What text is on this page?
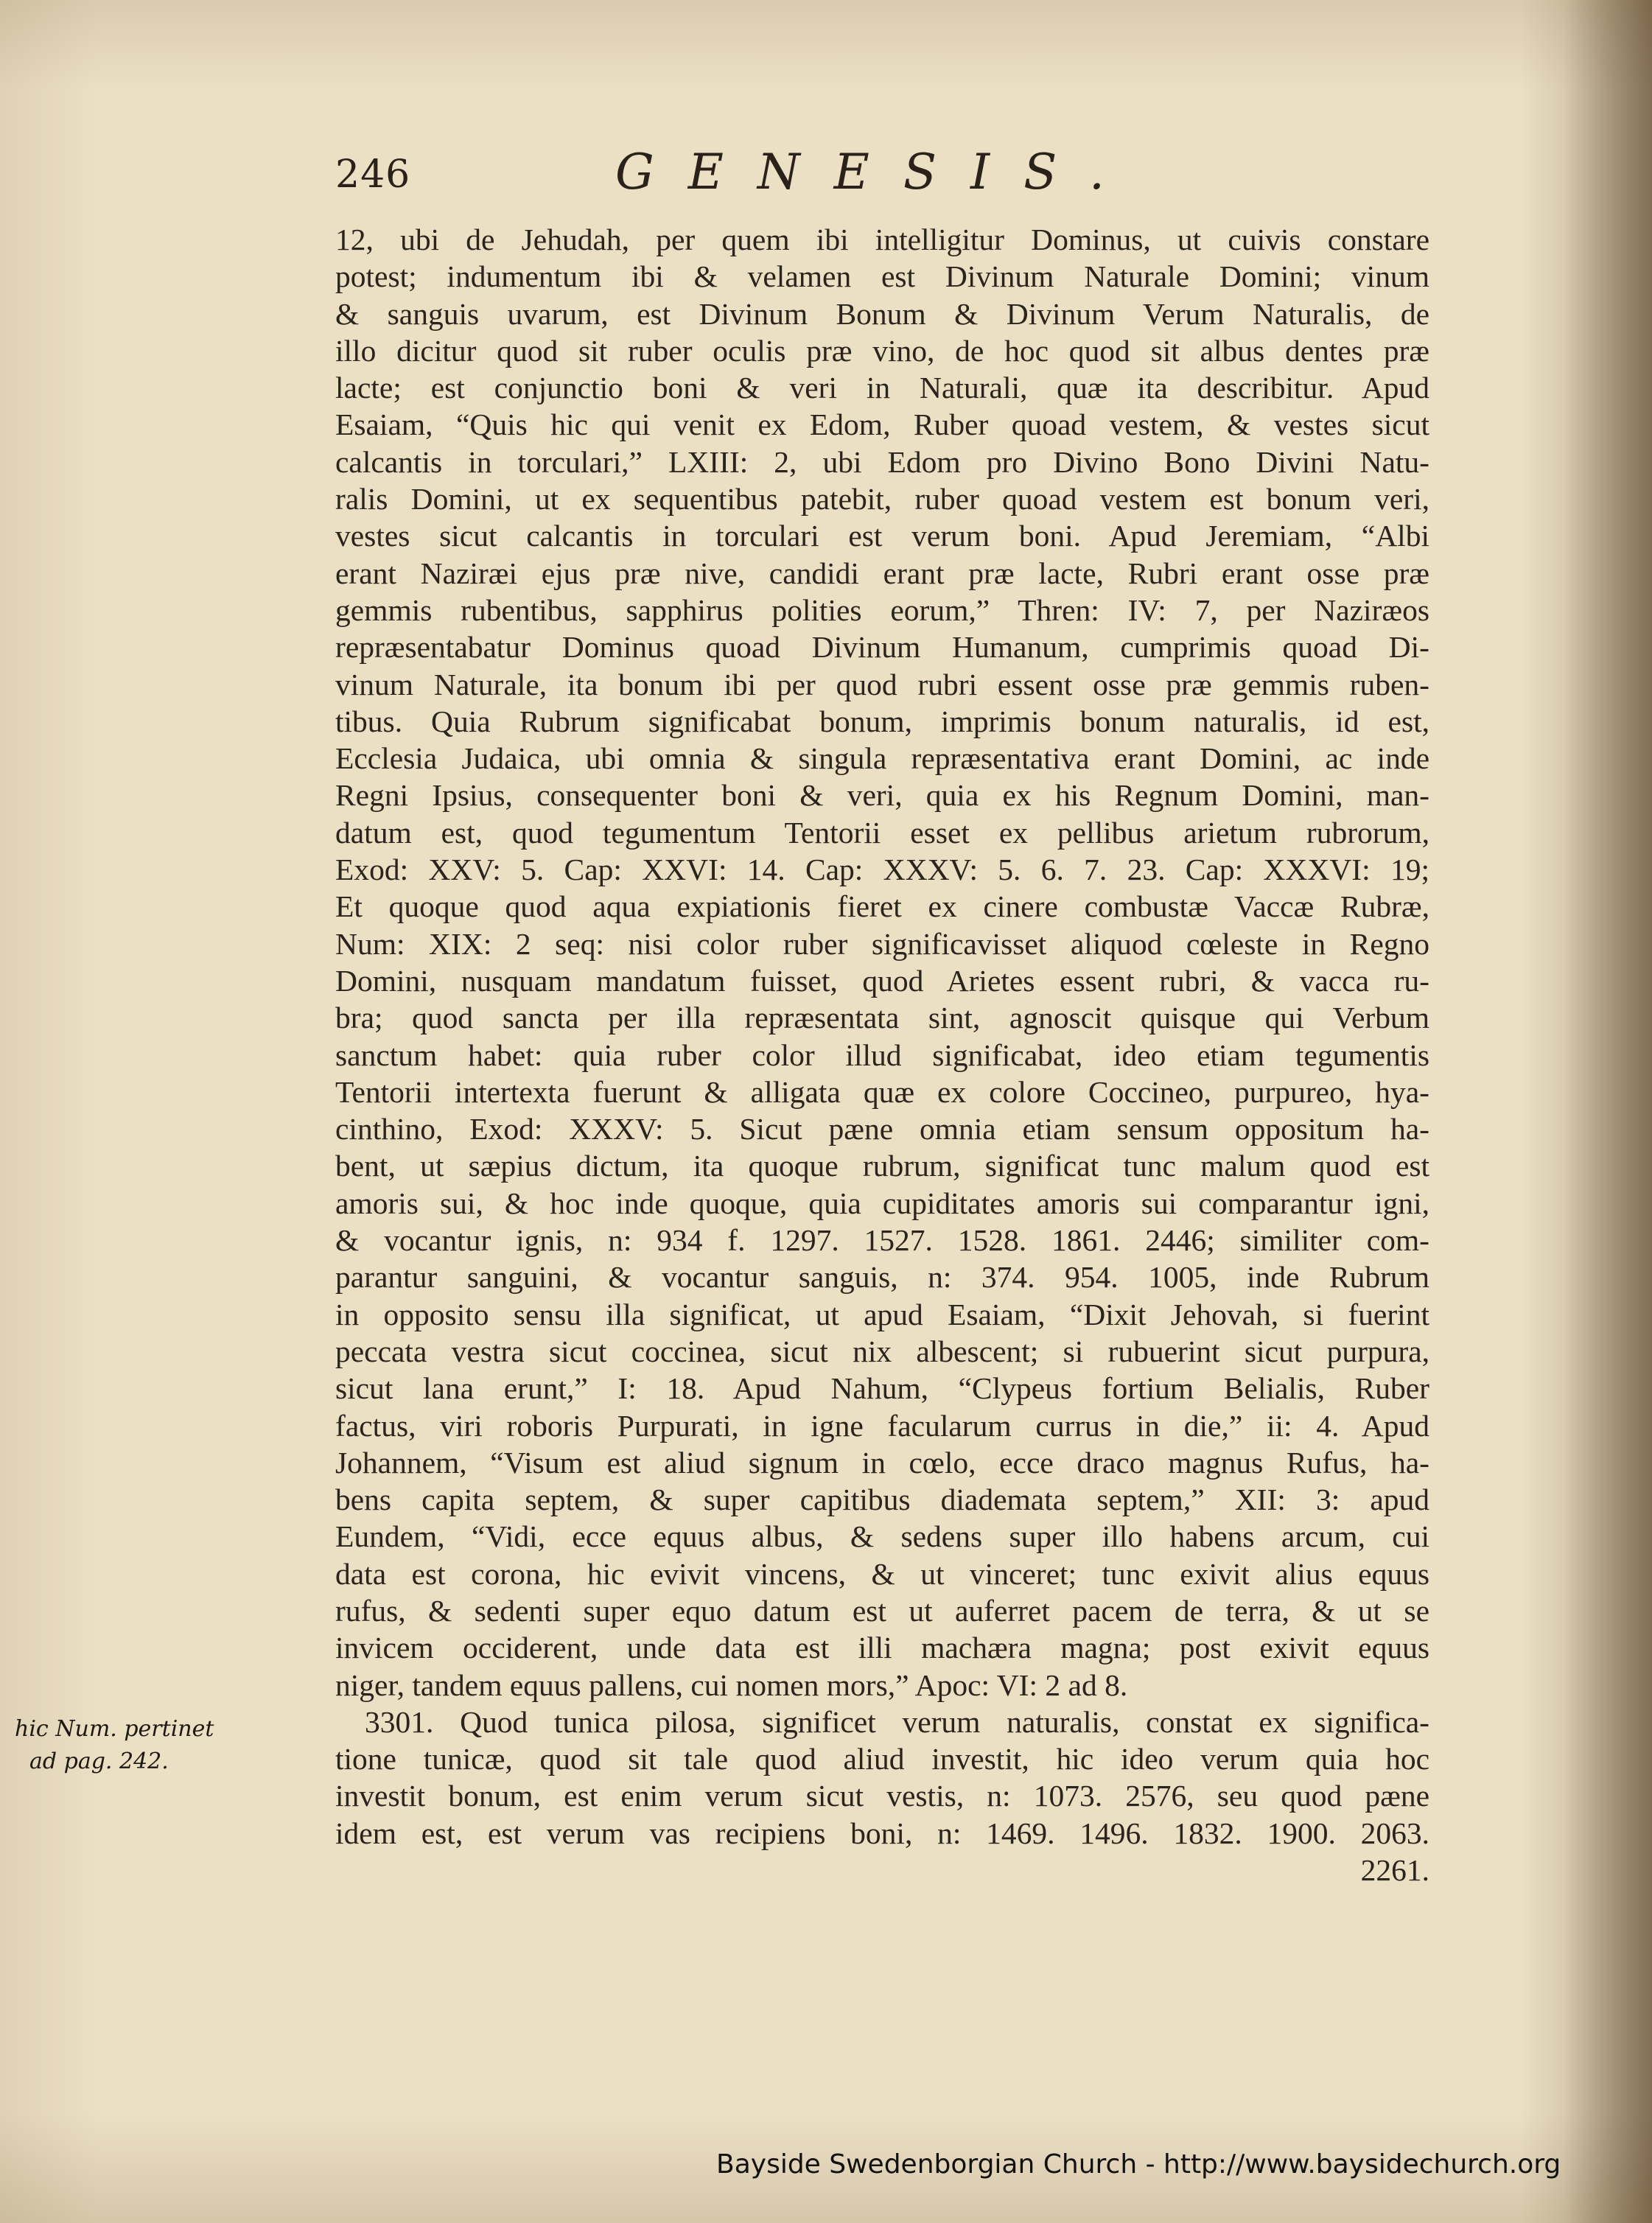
246	GENESIS.
12, ubi de Jehudah, per quem ibi intelligitur Dominus, ut cuivis constare
potest; indumentum ibi & velamen est Divinum Naturale Domini; vinum
& sanguis uvarum, est Divinum Bonum & Divinum Verum Naturalis, de
illo dicitur quod sit ruber oculis præ vino, de hoc quod sit albus dentes præ
lacte; est conjunctio boni & veri in Naturali, quæ ita describitur. Apud
Esaiam, “Quis hic qui venit ex Edom, Ruber quoad vestem, & vestes sicut
calcantis in torculari,” LXIII: 2, ubi Edom pro Divino Bono Divini Natu-
ralis Domini, ut ex sequentibus patebit, ruber quoad vestem est bonum veri,
vestes sicut calcantis in torculari est verum boni. Apud Jeremiam, “Albi
erant Naziræi ejus præ nive, candidi erant præ lacte, Rubri erant osse præ
gemmis rubentibus, sapphirus polities eorum,” Thren: IV: 7, per Naziræos
repræsentabatur Dominus quoad Divinum Humanum, cumprimis quoad Di-
vinum Naturale, ita bonum ibi per quod rubri essent osse præ gemmis ruben-
tibus. Quia Rubrum significabat bonum, imprimis bonum naturalis, id est,
Ecclesia Judaica, ubi omnia & singula repræsentativa erant Domini, ac inde
Regni Ipsius, consequenter boni & veri, quia ex his Regnum Domini, man-
datum est, quod tegumentum Tentorii esset ex pellibus arietum rubrorum,
Exod: XXV: 5. Cap: XXVI: 14. Cap: XXXV: 5. 6. 7. 23. Cap: XXXVI: 19;
Et quoque quod aqua expiationis fieret ex cinere combustæ Vaccæ Rubræ,
Num: XIX: 2 seq: nisi color ruber significavisset aliquod cœleste in Regno
Domini, nusquam mandatum fuisset, quod Arietes essent rubri, & vacca ru-
bra; quod sancta per illa repræsentata sint, agnoscit quisque qui Verbum
sanctum habet: quia ruber color illud significabat, ideo etiam tegumentis
Tentorii intertexta fuerunt & alligata quæ ex colore Coccineo, purpureo, hya-
cinthino, Exod: XXXV: 5. Sicut pæne omnia etiam sensum oppositum ha-
bent, ut sæpius dictum, ita quoque rubrum, significat tunc malum quod est
amoris sui, & hoc inde quoque, quia cupiditates amoris sui comparantur igni,
& vocantur ignis, n: 934 f. 1297. 1527. 1528. 1861. 2446; similiter com-
parantur sanguini, & vocantur sanguis, n: 374. 954. 1005, inde Rubrum
in opposito sensu illa significat, ut apud Esaiam, “Dixit Jehovah, si fuerint
peccata vestra sicut coccinea, sicut nix albescent; si rubuerint sicut purpura,
sicut lana erunt,” I: 18. Apud Nahum, “Clypeus fortium Belialis, Ruber
factus, viri roboris Purpurati, in igne facularum currus in die,” ii: 4. Apud
Johannem, “Visum est aliud signum in cœlo, ecce draco magnus Rufus, ha-
bens capita septem, & super capitibus diademata septem,” XII: 3: apud
Eundem, “Vidi, ecce equus albus, & sedens super illo habens arcum, cui
data est corona, hic evivit vincens, & ut vinceret; tunc exivit alius equus
rufus, & sedenti super equo datum est ut auferret pacem de terra, & ut se
invicem occiderent, unde data est illi machæra magna; post exivit equus
niger, tandem equus pallens, cui nomen mors,” Apoc: VI: 2 ad 8.
3301. Quod tunica pilosa, significet verum naturalis, constat ex significa-
tione tunicæ, quod sit tale quod aliud investit, hic ideo verum quia hoc
investit bonum, est enim verum sicut vestis, n: 1073. 2576, seu quod pæne
idem est, est verum vas recipiens boni, n: 1469. 1496. 1832. 1900. 2063.
2261.
hic Num. pertinet
ad pag. 242.
Bayside Swedenborgian Church - http://www.baysidechurch.org
